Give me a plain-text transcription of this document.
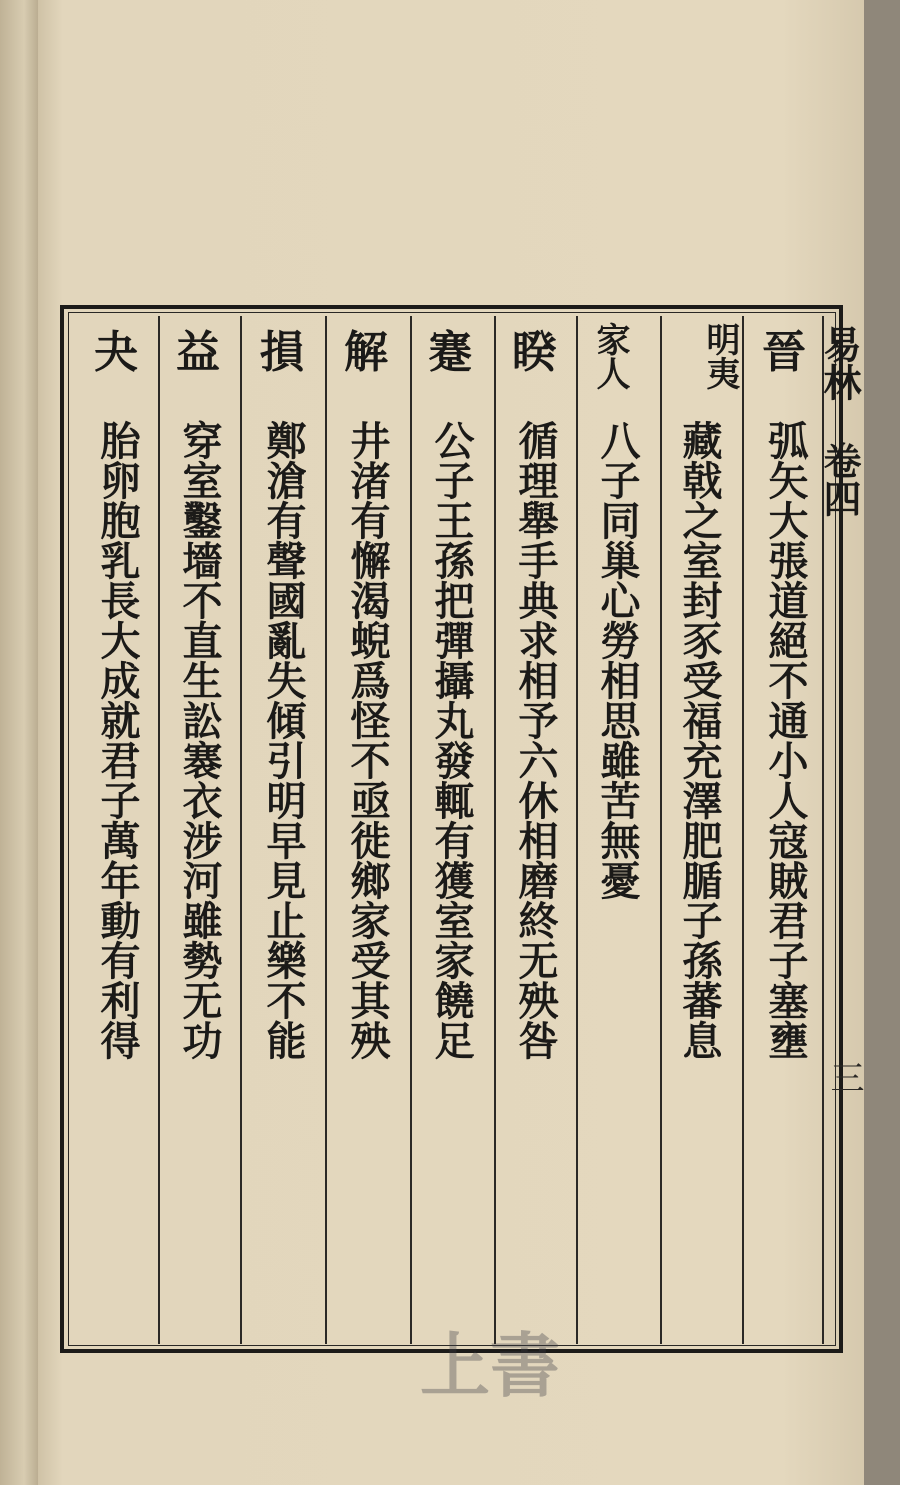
易林卷四
三
晉
弧矢大張道絕不通小人寇賊君子塞壅
明夷
藏戟之室封豕受福充澤肥腯子孫蕃息
家人
八子同巢心勞相思雖苦無憂
睽
循理舉手典求相予六休相磨終无殃咎
蹇
公子王孫把彈攝丸發輒有獲室家饒足
解
井渚有懈渴蜺爲怪不亟徙鄉家受其殃
損
鄭滄有聲國亂失傾引明早見止樂不能
益
穿室鑿墻不直生訟褰衣涉河雖勢无功
夬
胎卵胞乳長大成就君子萬年動有利得
上書
